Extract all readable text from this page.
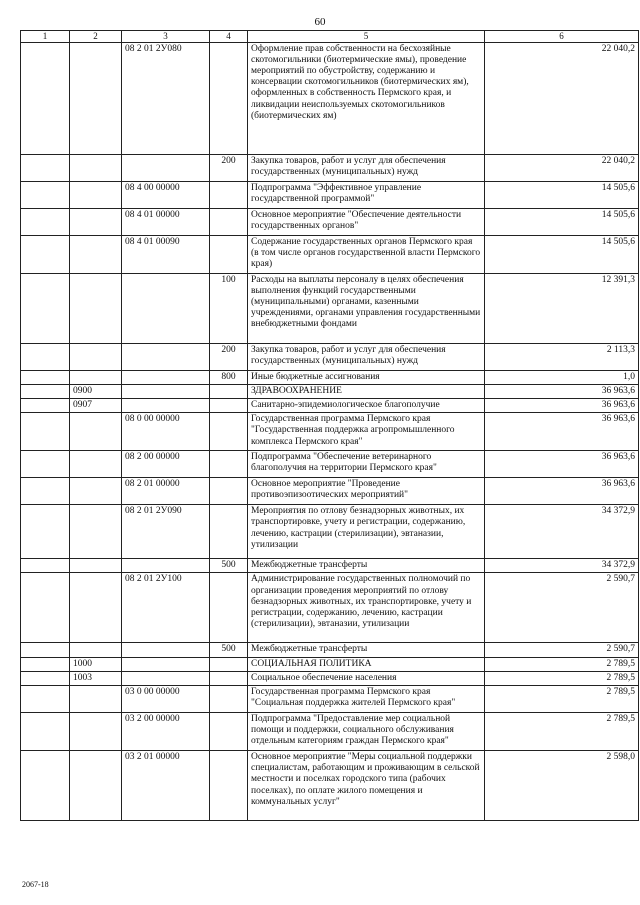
60
1	2	3	4	5	6
		08 2 01 2У080		Оформление прав собственности на бесхозяйные скотомогильники (биотермические ямы), проведение мероприятий по обустройству, содержанию и консервации скотомогильников (биотермических ям), оформленных в собственность Пермского края, и ликвидации неиспользуемых скотомогильников (биотермических ям)	22 040,2
			200	Закупка товаров, работ и услуг для обеспечения государственных (муниципальных) нужд	22 040,2
		08 4 00 00000		Подпрограмма "Эффективное управление государственной программой"	14 505,6
		08 4 01 00000		Основное мероприятие "Обеспечение деятельности государственных органов"	14 505,6
		08 4 01 00090		Содержание государственных органов Пермского края (в том числе органов государственной власти Пермского края)	14 505,6
			100	Расходы на выплаты персоналу в целях обеспечения выполнения функций государственными (муниципальными) органами, казенными учреждениями, органами управления государственными внебюджетными фондами	12 391,3
			200	Закупка товаров, работ и услуг для обеспечения государственных (муниципальных) нужд	2 113,3
			800	Иные бюджетные ассигнования	1,0
	0900			ЗДРАВООХРАНЕНИЕ	36 963,6
	0907			Санитарно-эпидемиологическое благополучие	36 963,6
		08 0 00 00000		Государственная программа Пермского края "Государственная поддержка агропромышленного комплекса Пермского края"	36 963,6
		08 2 00 00000		Подпрограмма "Обеспечение ветеринарного благополучия на территории Пермского края"	36 963,6
		08 2 01 00000		Основное мероприятие "Проведение противоэпизоотических мероприятий"	36 963,6
		08 2 01 2У090		Мероприятия по отлову безнадзорных животных, их транспортировке, учету и регистрации, содержанию, лечению, кастрации (стерилизации), эвтаназии, утилизации	34 372,9
			500	Межбюджетные трансферты	34 372,9
		08 2 01 2У100		Администрирование государственных полномочий по организации проведения мероприятий по отлову безнадзорных животных, их транспортировке, учету и регистрации, содержанию, лечению, кастрации (стерилизации), эвтаназии, утилизации	2 590,7
			500	Межбюджетные трансферты	2 590,7
	1000			СОЦИАЛЬНАЯ ПОЛИТИКА	2 789,5
	1003			Социальное обеспечение населения	2 789,5
		03 0 00 00000		Государственная программа Пермского края "Социальная поддержка жителей Пермского края"	2 789,5
		03 2 00 00000		Подпрограмма "Предоставление мер социальной помощи и поддержки, социального обслуживания отдельным категориям граждан Пермского края"	2 789,5
		03 2 01 00000		Основное мероприятие "Меры социальной поддержки специалистам, работающим и проживающим в сельской местности и поселках городского типа (рабочих поселках), по оплате жилого помещения и коммунальных услуг"	2 598,0
2067-18
